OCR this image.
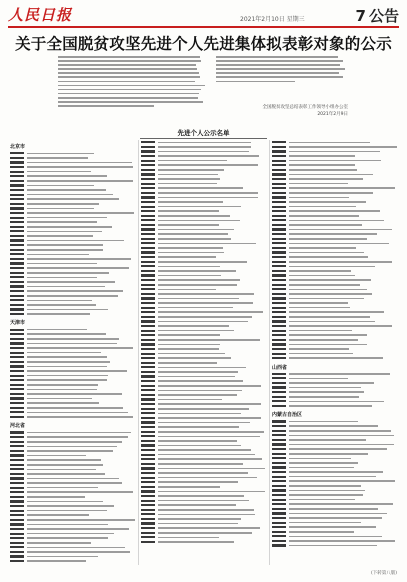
人民日报	2021年2月10日 星期三	7 公告
关于全国脱贫攻坚先进个人先进集体拟表彰对象的公示
全国脱贫攻坚总结表彰工作领导小组办公室
2021年2月9日
先进个人公示名单
北京市
天津市
河北省
山西省
内蒙古自治区
(下转第八版)
